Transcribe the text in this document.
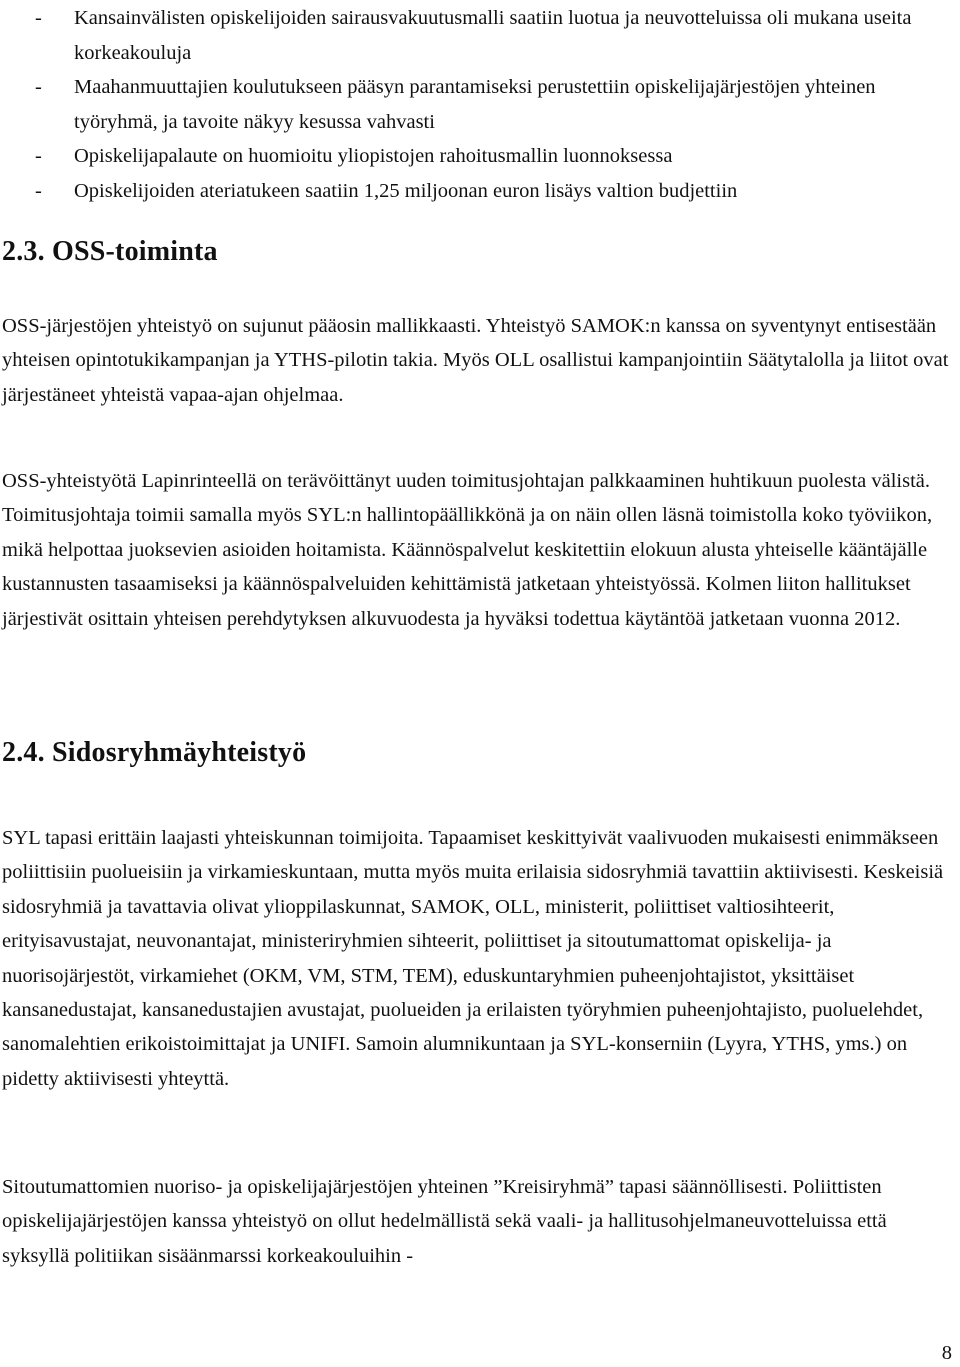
- Kansainvälisten opiskelijoiden sairausvakuutusmalli saatiin luotua ja neuvotteluissa oli mukana useita korkeakouluja
- Maahanmuuttajien koulutukseen pääsyn parantamiseksi perustettiin opiskelijajärjestöjen yhteinen työryhmä, ja tavoite näkyy kesussa vahvasti
- Opiskelijapalaute on huomioitu yliopistojen rahoitusmallin luonnoksessa
- Opiskelijoiden ateriatukeen saatiin 1,25 miljoonan euron lisäys valtion budjettiin
2.3. OSS-toiminta
OSS-järjestöjen yhteistyö on sujunut pääosin mallikkaasti. Yhteistyö SAMOK:n kanssa on syventynyt entisestään yhteisen opintotukikampanjan ja YTHS-pilotin takia. Myös OLL osallistui kampanjointiin Säätytalolla ja liitot ovat järjestäneet yhteistä vapaa-ajan ohjelmaa.
OSS-yhteistyötä Lapinrinteellä on terävöittänyt uuden toimitusjohtajan palkkaaminen huhtikuun puolesta välistä. Toimitusjohtaja toimii samalla myös SYL:n hallintopäällikkönä ja on näin ollen läsnä toimistolla koko työviikon, mikä helpottaa juoksevien asioiden hoitamista. Käännöspalvelut keskitettiin elokuun alusta yhteiselle kääntäjälle kustannusten tasaamiseksi ja käännöspalveluiden kehittämistä jatketaan yhteistyössä. Kolmen liiton hallitukset järjestivät osittain yhteisen perehdytyksen alkuvuodesta ja hyväksi todettua käytäntöä jatketaan vuonna 2012.
2.4. Sidosryhmäyhteistyö
SYL tapasi erittäin laajasti yhteiskunnan toimijoita. Tapaamiset keskittyivät vaalivuoden mukaisesti enimmäkseen poliittisiin puolueisiin ja virkamieskuntaan, mutta myös muita erilaisia sidosryhmiä tavattiin aktiivisesti. Keskeisiä sidosryhmiä ja tavattavia olivat ylioppilaskunnat, SAMOK, OLL, ministerit, poliittiset valtiosihteerit, erityisavustajat, neuvonantajat, ministeriryhmien sihteerit, poliittiset ja sitoutumattomat opiskelija- ja nuorisojärjestöt, virkamiehet (OKM, VM, STM, TEM), eduskuntaryhmien puheenjohtajistot, yksittäiset kansanedustajat, kansanedustajien avustajat, puolueiden ja erilaisten työryhmien puheenjohtajisto, puoluelehdet, sanomalehtien erikoistoimittajat ja UNIFI. Samoin alumnikuntaan ja SYL-konserniin (Lyyra, YTHS, yms.) on pidetty aktiivisesti yhteyttä.
Sitoutumattomien nuoriso- ja opiskelijajärjestöjen yhteinen ”Kreisiryhmä” tapasi säännöllisesti. Poliittisten opiskelijajärjestöjen kanssa yhteistyö on ollut hedelmällistä sekä vaali- ja hallitusohjelmaneuvotteluissa että syksyllä politiikan sisäänmarssi korkeakouluihin -
8
